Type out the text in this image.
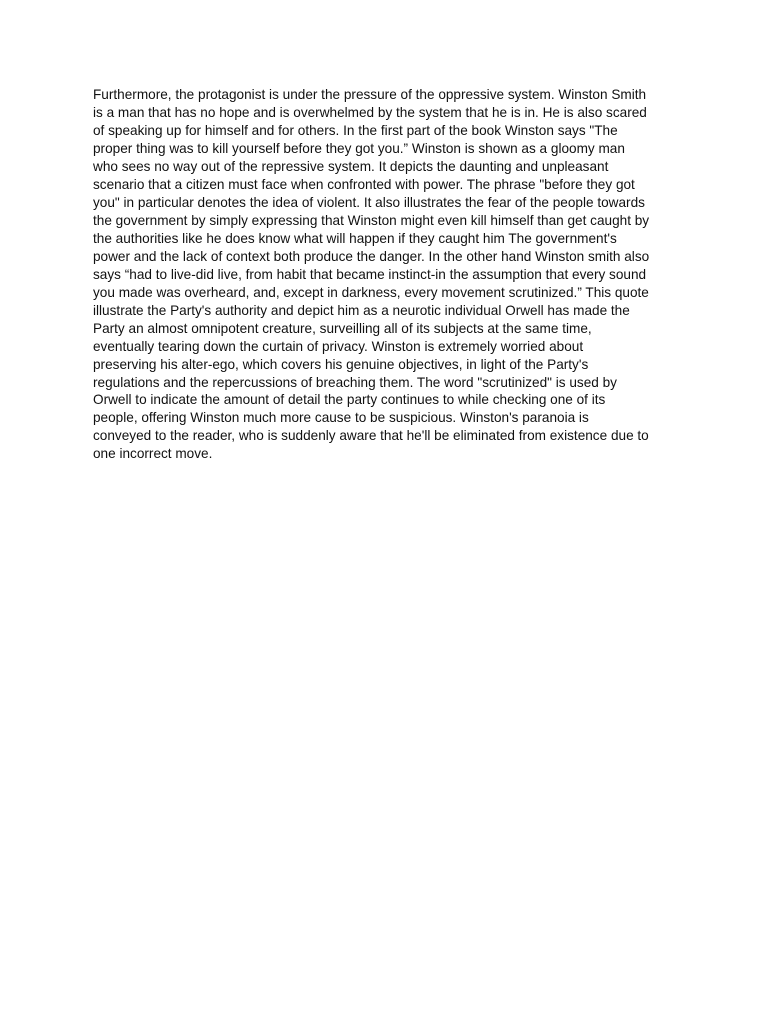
Furthermore, the protagonist is under the pressure of the oppressive system. Winston Smith
is a man that has no hope and is overwhelmed by the system that he is in. He is also scared
of speaking up for himself and for others. In the first part of the book Winston says "The
proper thing was to kill yourself before they got you.” Winston is shown as a gloomy man
who sees no way out of the repressive system. It depicts the daunting and unpleasant
scenario that a citizen must face when confronted with power. The phrase "before they got
you" in particular denotes the idea of violent. It also illustrates the fear of the people towards
the government by simply expressing that Winston might even kill himself than get caught by
the authorities like he does know what will happen if they caught him The government's
power and the lack of context both produce the danger. In the other hand Winston smith also
says “had to live-did live, from habit that became instinct-in the assumption that every sound
you made was overheard, and, except in darkness, every movement scrutinized.” This quote
illustrate the Party's authority and depict him as a neurotic individual Orwell has made the
Party an almost omnipotent creature, surveilling all of its subjects at the same time,
eventually tearing down the curtain of privacy. Winston is extremely worried about
preserving his alter-ego, which covers his genuine objectives, in light of the Party's
regulations and the repercussions of breaching them. The word "scrutinized" is used by
Orwell to indicate the amount of detail the party continues to while checking one of its
people, offering Winston much more cause to be suspicious. Winston's paranoia is
conveyed to the reader, who is suddenly aware that he'll be eliminated from existence due to
one incorrect move.
